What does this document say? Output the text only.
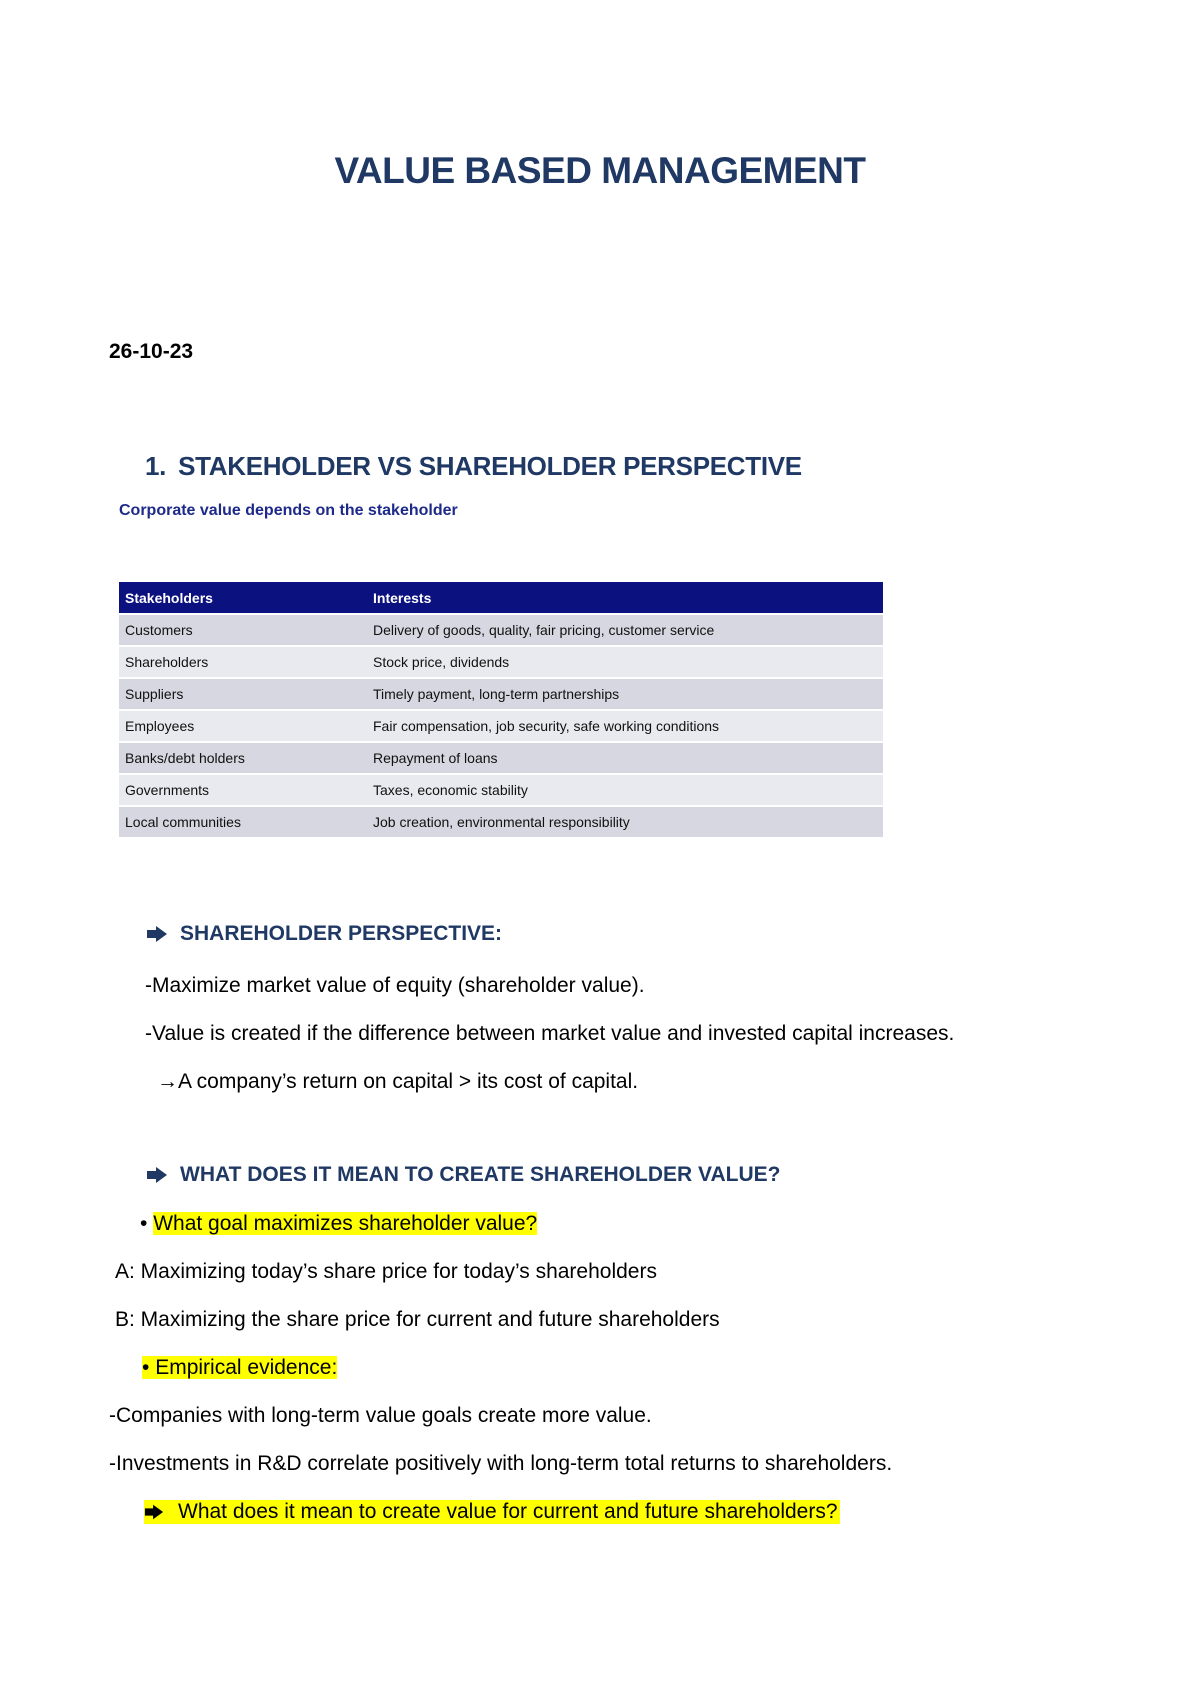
VALUE BASED MANAGEMENT
26-10-23
1. STAKEHOLDER VS SHAREHOLDER PERSPECTIVE
Corporate value depends on the stakeholder
Stakeholders	Interests
Customers	Delivery of goods, quality, fair pricing, customer service
Shareholders	Stock price, dividends
Suppliers	Timely payment, long-term partnerships
Employees	Fair compensation, job security, safe working conditions
Banks/debt holders	Repayment of loans
Governments	Taxes, economic stability
Local communities	Job creation, environmental responsibility
SHAREHOLDER PERSPECTIVE:
-Maximize market value of equity (shareholder value).
-Value is created if the difference between market value and invested capital increases.
→A company’s return on capital > its cost of capital.
WHAT DOES IT MEAN TO CREATE SHAREHOLDER VALUE?
• What goal maximizes shareholder value?
A: Maximizing today’s share price for today’s shareholders
B: Maximizing the share price for current and future shareholders
• Empirical evidence:
-Companies with long-term value goals create more value.
-Investments in R&D correlate positively with long-term total returns to shareholders.
What does it mean to create value for current and future shareholders?
